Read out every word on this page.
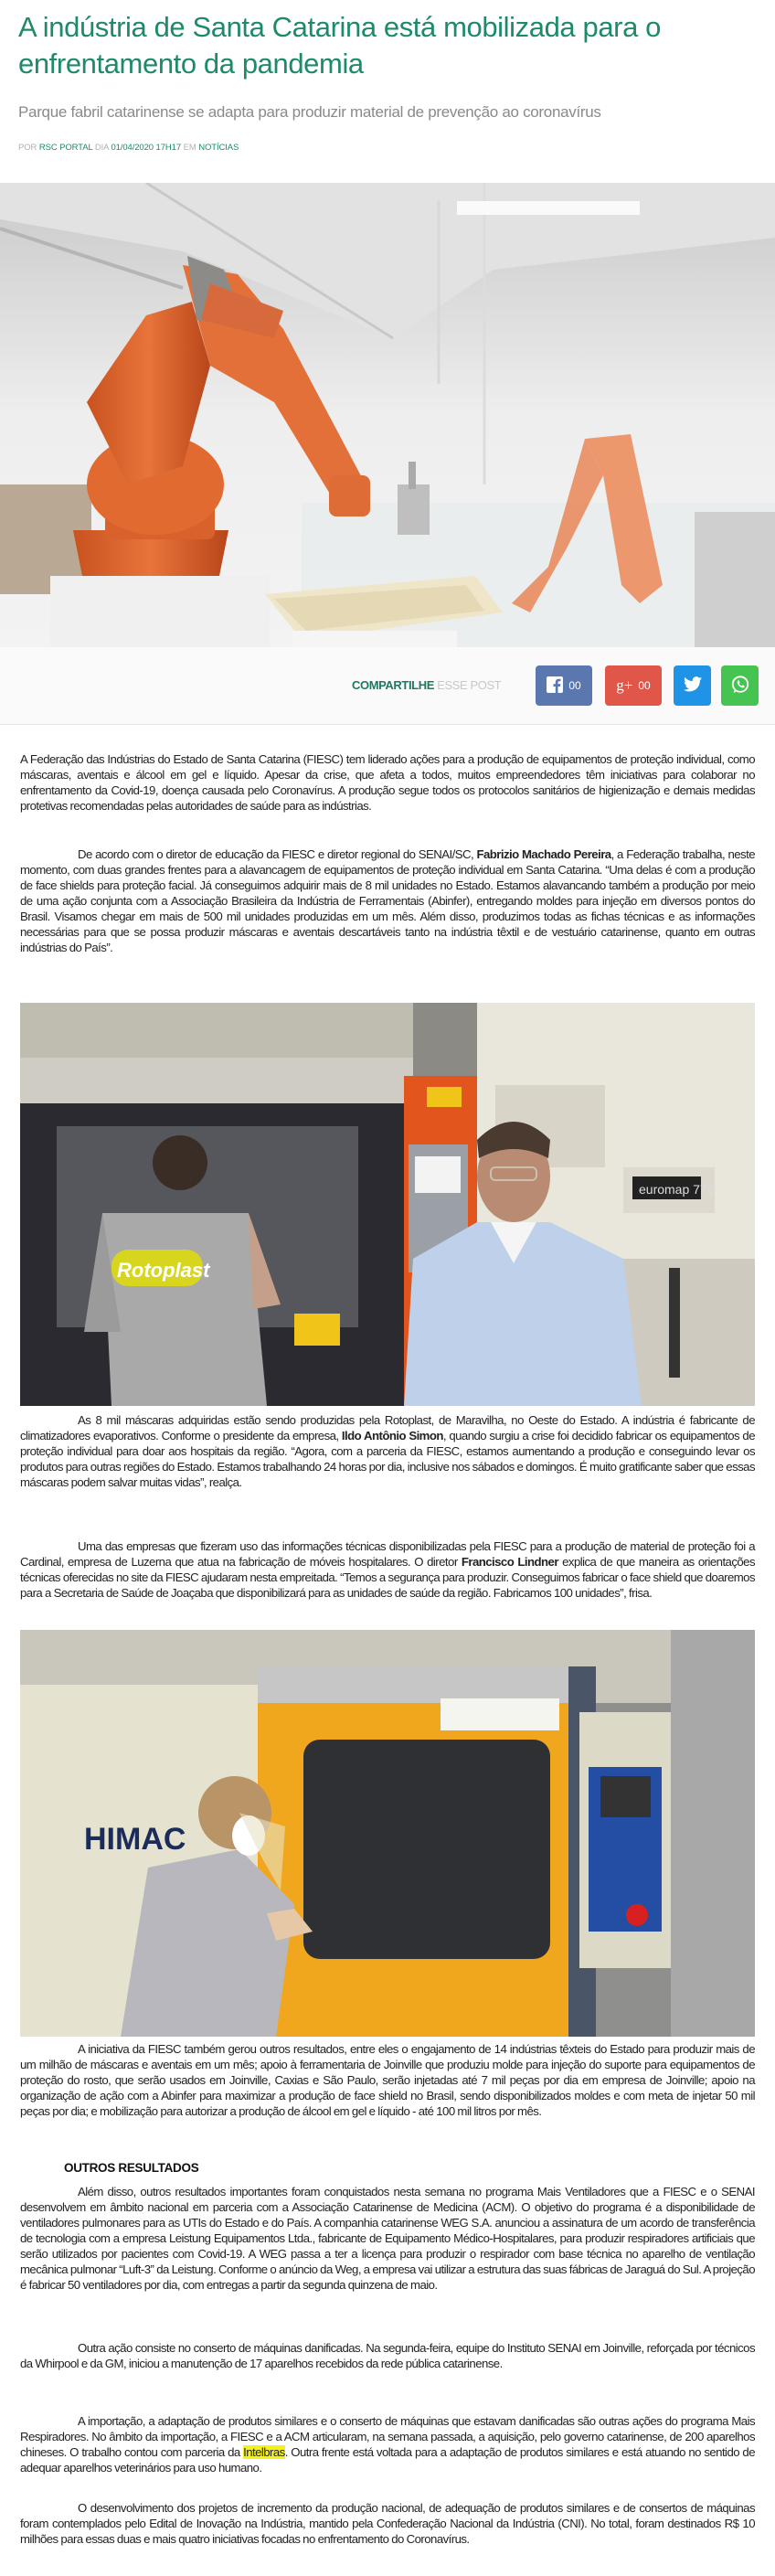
A indústria de Santa Catarina está mobilizada para o enfrentamento da pandemia
Parque fabril catarinense se adapta para produzir material de prevenção ao coronavírus
POR RSC PORTAL DIA 01/04/2020 17H17 EM NOTÍCIAS
COMPARTILHE ESSE POST	00 g+ 00

A Federação das Indústrias do Estado de Santa Catarina (FIESC) tem liderado ações para a produção de equipamentos de proteção individual, como máscaras, aventais e álcool em gel e líquido. Apesar da crise, que afeta a todos, muitos empreendedores têm iniciativas para colaborar no enfrentamento da Covid-19, doença causada pelo Coronavírus. A produção segue todos os protocolos sanitários de higienização e demais medidas protetivas recomendadas pelas autoridades de saúde para as indústrias.

De acordo com o diretor de educação da FIESC e diretor regional do SENAI/SC, Fabrizio Machado Pereira, a Federação trabalha, neste momento, com duas grandes frentes para a alavancagem de equipamentos de proteção individual em Santa Catarina. “Uma delas é com a produção de face shields para proteção facial. Já conseguimos adquirir mais de 8 mil unidades no Estado. Estamos alavancando também a produção por meio de uma ação conjunta com a Associação Brasileira da Indústria de Ferramentais (Abinfer), entregando moldes para injeção em diversos pontos do Brasil. Visamos chegar em mais de 500 mil unidades produzidas em um mês. Além disso, produzimos todas as fichas técnicas e as informações necessárias para que se possa produzir máscaras e aventais descartáveis tanto na indústria têxtil e de vestuário catarinense, quanto em outras indústrias do País”.

euromap 770
Rotoplast

As 8 mil máscaras adquiridas estão sendo produzidas pela Rotoplast, de Maravilha, no Oeste do Estado. A indústria é fabricante de climatizadores evaporativos. Conforme o presidente da empresa, Ildo Antônio Simon, quando surgiu a crise foi decidido fabricar os equipamentos de proteção individual para doar aos hospitais da região. “Agora, com a parceria da FIESC, estamos aumentando a produção e conseguindo levar os produtos para outras regiões do Estado. Estamos trabalhando 24 horas por dia, inclusive nos sábados e domingos. É muito gratificante saber que essas máscaras podem salvar muitas vidas”, realça.

Uma das empresas que fizeram uso das informações técnicas disponibilizadas pela FIESC para a produção de material de proteção foi a Cardinal, empresa de Luzerna que atua na fabricação de móveis hospitalares. O diretor Francisco Lindner explica de que maneira as orientações técnicas oferecidas no site da FIESC ajudaram nesta empreitada. “Temos a segurança para produzir. Conseguimos fabricar o face shield que doaremos para a Secretaria de Saúde de Joaçaba que disponibilizará para as unidades de saúde da região. Fabricamos 100 unidades”, frisa.

HIMAC

A iniciativa da FIESC também gerou outros resultados, entre eles o engajamento de 14 indústrias têxteis do Estado para produzir mais de um milhão de máscaras e aventais em um mês; apoio à ferramentaria de Joinville que produziu molde para injeção do suporte para equipamentos de proteção do rosto, que serão usados em Joinville, Caxias e São Paulo, serão injetadas até 7 mil peças por dia em empresa de Joinville; apoio na organização de ação com a Abinfer para maximizar a produção de face shield no Brasil, sendo disponibilizados moldes e com meta de injetar 50 mil peças por dia; e mobilização para autorizar a produção de álcool em gel e líquido - até 100 mil litros por mês.

OUTROS RESULTADOS

Além disso, outros resultados importantes foram conquistados nesta semana no programa Mais Ventiladores que a FIESC e o SENAI desenvolvem em âmbito nacional em parceria com a Associação Catarinense de Medicina (ACM). O objetivo do programa é a disponibilidade de ventiladores pulmonares para as UTIs do Estado e do País. A companhia catarinense WEG S.A. anunciou a assinatura de um acordo de transferência de tecnologia com a empresa Leistung Equipamentos Ltda., fabricante de Equipamento Médico-Hospitalares, para produzir respiradores artificiais que serão utilizados por pacientes com Covid-19. A WEG passa a ter a licença para produzir o respirador com base técnica no aparelho de ventilação mecânica pulmonar “Luft-3” da Leistung. Conforme o anúncio da Weg, a empresa vai utilizar a estrutura das suas fábricas de Jaraguá do Sul. A projeção é fabricar 50 ventiladores por dia, com entregas a partir da segunda quinzena de maio.

Outra ação consiste no conserto de máquinas danificadas. Na segunda-feira, equipe do Instituto SENAI em Joinville, reforçada por técnicos da Whirpool e da GM, iniciou a manutenção de 17 aparelhos recebidos da rede pública catarinense.

A importação, a adaptação de produtos similares e o conserto de máquinas que estavam danificadas são outras ações do programa Mais Respiradores. No âmbito da importação, a FIESC e a ACM articularam, na semana passada, a aquisição, pelo governo catarinense, de 200 aparelhos chineses. O trabalho contou com parceria da Intelbras. Outra frente está voltada para a adaptação de produtos similares e está atuando no sentido de adequar aparelhos veterinários para uso humano.

O desenvolvimento dos projetos de incremento da produção nacional, de adequação de produtos similares e de consertos de máquinas foram contemplados pelo Edital de Inovação na Indústria, mantido pela Confederação Nacional da Indústria (CNI). No total, foram destinados R$ 10 milhões para essas duas e mais quatro iniciativas focadas no enfrentamento do Coronavírus.
